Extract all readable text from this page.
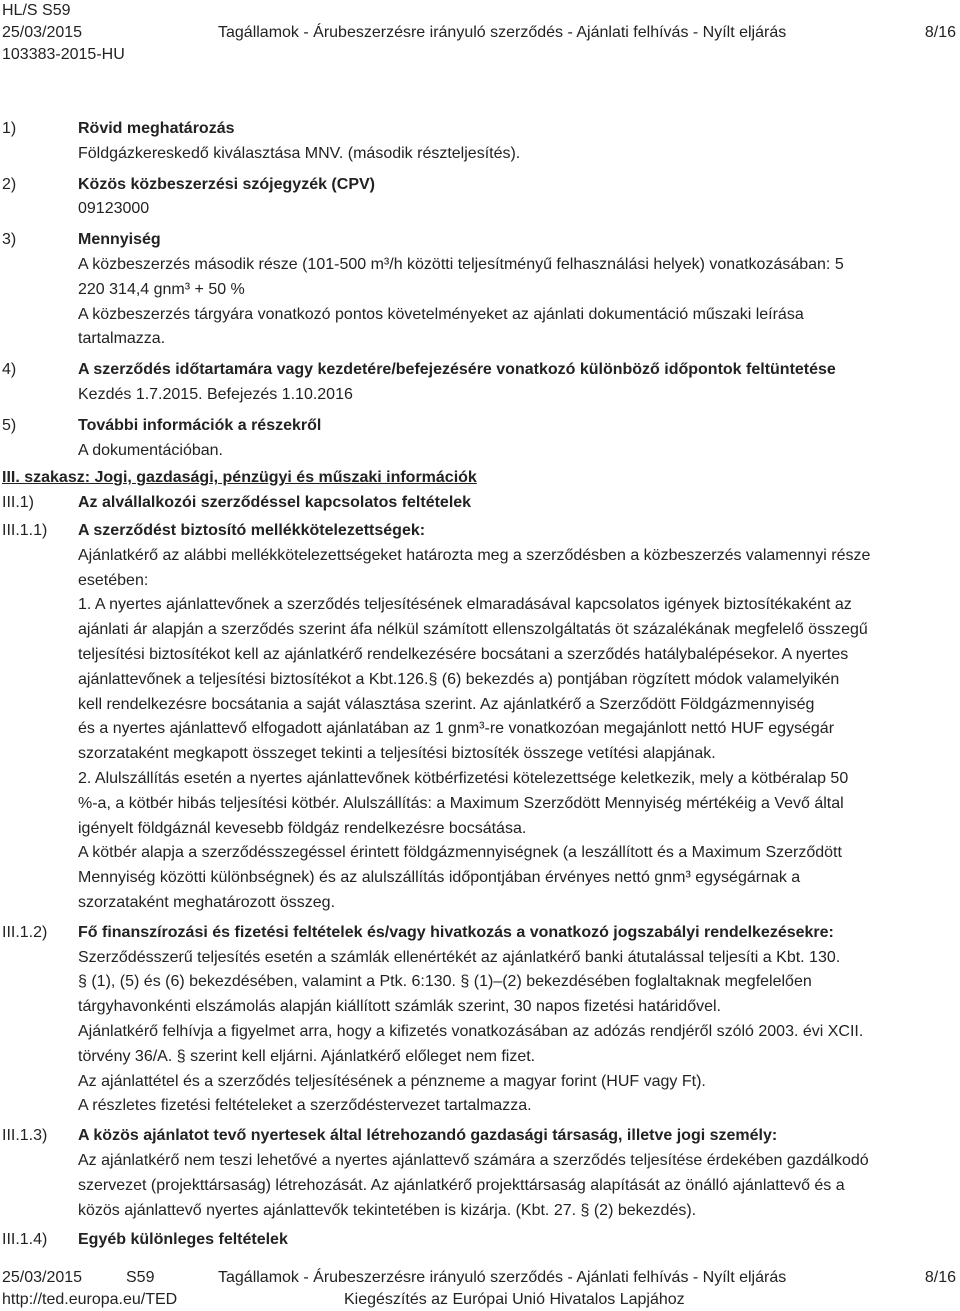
HL/S S59
25/03/2015	Tagállamok - Árubeszerzésre irányuló szerződés - Ajánlati felhívás - Nyílt eljárás	8/16
103383-2015-HU
1)	Rövid meghatározás
Földgázkereskedő kiválasztása MNV. (második részteljesítés).
2)	Közös közbeszerzési szójegyzék (CPV)
09123000
3)	Mennyiség
A közbeszerzés második része (101-500 m³/h közötti teljesítményű felhasználási helyek) vonatkozásában: 5
220 314,4 gnm³ + 50 %
A közbeszerzés tárgyára vonatkozó pontos követelményeket az ajánlati dokumentáció műszaki leírása
tartalmazza.
4)	A szerződés időtartamára vagy kezdetére/befejezésére vonatkozó különböző időpontok feltüntetése
Kezdés 1.7.2015. Befejezés 1.10.2016
5)	További információk a részekről
A dokumentációban.
III. szakasz: Jogi, gazdasági, pénzügyi és műszaki információk
III.1)	Az alvállalkozói szerződéssel kapcsolatos feltételek
III.1.1) A szerződést biztosító mellékkötelezettségek:
Ajánlatkérő az alábbi mellékkötelezettségeket határozta meg a szerződésben a közbeszerzés valamennyi része
esetében:
1. A nyertes ajánlattevőnek a szerződés teljesítésének elmaradásával kapcsolatos igények biztosítékaként az
ajánlati ár alapján a szerződés szerint áfa nélkül számított ellenszolgáltatás öt százalékának megfelelő összegű
teljesítési biztosítékot kell az ajánlatkérő rendelkezésére bocsátani a szerződés hatálybalépésekor. A nyertes
ajánlattevőnek a teljesítési biztosítékot a Kbt.126.§ (6) bekezdés a) pontjában rögzített módok valamelyikén
kell rendelkezésre bocsátania a saját választása szerint. Az ajánlatkérő a Szerződött Földgázmennyiség
és a nyertes ajánlattevő elfogadott ajánlatában az 1 gnm³-re vonatkozóan megajánlott nettó HUF egységár
szorzataként megkapott összeget tekinti a teljesítési biztosíték összege vetítési alapjának.
2. Alulszállítás esetén a nyertes ajánlattevőnek kötbérfizetési kötelezettsége keletkezik, mely a kötbéralap 50
%-a, a kötbér hibás teljesítési kötbér. Alulszállítás: a Maximum Szerződött Mennyiség mértékéig a Vevő által
igényelt földgáznál kevesebb földgáz rendelkezésre bocsátása.
A kötbér alapja a szerződésszegéssel érintett földgázmennyiségnek (a leszállított és a Maximum Szerződött
Mennyiség közötti különbségnek) és az alulszállítás időpontjában érvényes nettó gnm³ egységárnak a
szorzataként meghatározott összeg.
III.1.2) Fő finanszírozási és fizetési feltételek és/vagy hivatkozás a vonatkozó jogszabályi rendelkezésekre:
Szerződésszerű teljesítés esetén a számlák ellenértékét az ajánlatkérő banki átutalással teljesíti a Kbt. 130.
§ (1), (5) és (6) bekezdésében, valamint a Ptk. 6:130. § (1)–(2) bekezdésében foglaltaknak megfelelően
tárgyhavonkénti elszámolás alapján kiállított számlák szerint, 30 napos fizetési határidővel.
Ajánlatkérő felhívja a figyelmet arra, hogy a kifizetés vonatkozásában az adózás rendjéről szóló 2003. évi XCII.
törvény 36/A. § szerint kell eljárni. Ajánlatkérő előleget nem fizet.
Az ajánlattétel és a szerződés teljesítésének a pénzneme a magyar forint (HUF vagy Ft).
A részletes fizetési feltételeket a szerződéstervezet tartalmazza.
III.1.3) A közös ajánlatot tevő nyertesek által létrehozandó gazdasági társaság, illetve jogi személy:
Az ajánlatkérő nem teszi lehetővé a nyertes ajánlattevő számára a szerződés teljesítése érdekében gazdálkodó
szervezet (projekttársaság) létrehozását. Az ajánlatkérő projekttársaság alapítását az önálló ajánlattevő és a
közös ajánlattevő nyertes ajánlattevők tekintetében is kizárja. (Kbt. 27. § (2) bekezdés).
III.1.4) Egyéb különleges feltételek
25/03/2015	S59	Tagállamok - Árubeszerzésre irányuló szerződés - Ajánlati felhívás - Nyílt eljárás	8/16
http://ted.europa.eu/TED	Kiegészítés az Európai Unió Hivatalos Lapjához
